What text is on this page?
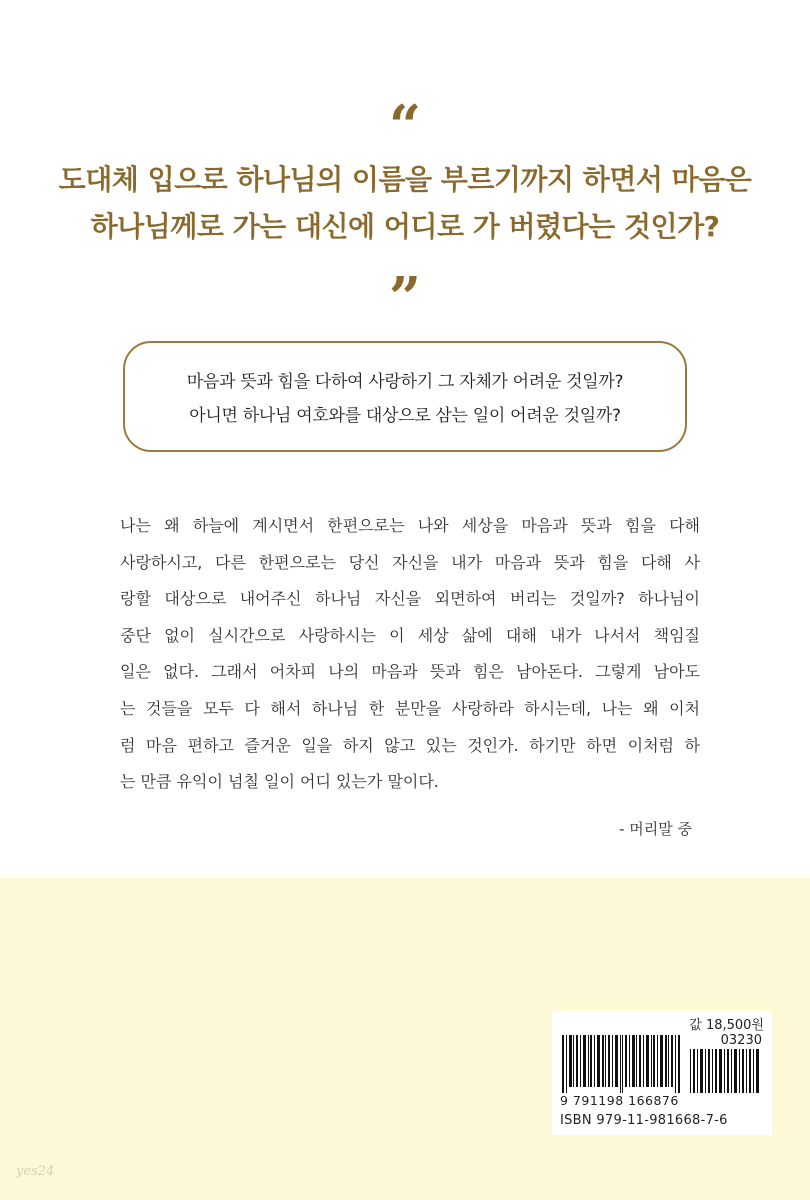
“
도대체 입으로 하나님의 이름을 부르기까지 하면서 마음은
하나님께로 가는 대신에 어디로 가 버렸다는 것인가?
”
마음과 뜻과 힘을 다하여 사랑하기 그 자체가 어려운 것일까?
아니면 하나님 여호와를 대상으로 삼는 일이 어려운 것일까?
나는 왜 하늘에 계시면서 한편으로는 나와 세상을 마음과 뜻과 힘을 다해
사랑하시고, 다른 한편으로는 당신 자신을 내가 마음과 뜻과 힘을 다해 사
랑할 대상으로 내어주신 하나님 자신을 외면하여 버리는 것일까? 하나님이
중단 없이 실시간으로 사랑하시는 이 세상 삶에 대해 내가 나서서 책임질
일은 없다. 그래서 어차피 나의 마음과 뜻과 힘은 남아돈다. 그렇게 남아도
는 것들을 모두 다 해서 하나님 한 분만을 사랑하라 하시는데, 나는 왜 이처
럼 마음 편하고 즐거운 일을 하지 않고 있는 것인가. 하기만 하면 이처럼 하
는 만큼 유익이 넘칠 일이 어디 있는가 말이다.
- 머리말 중
값 18,500원
03230
9 791198 166876
ISBN 979-11-981668-7-6
yes24
